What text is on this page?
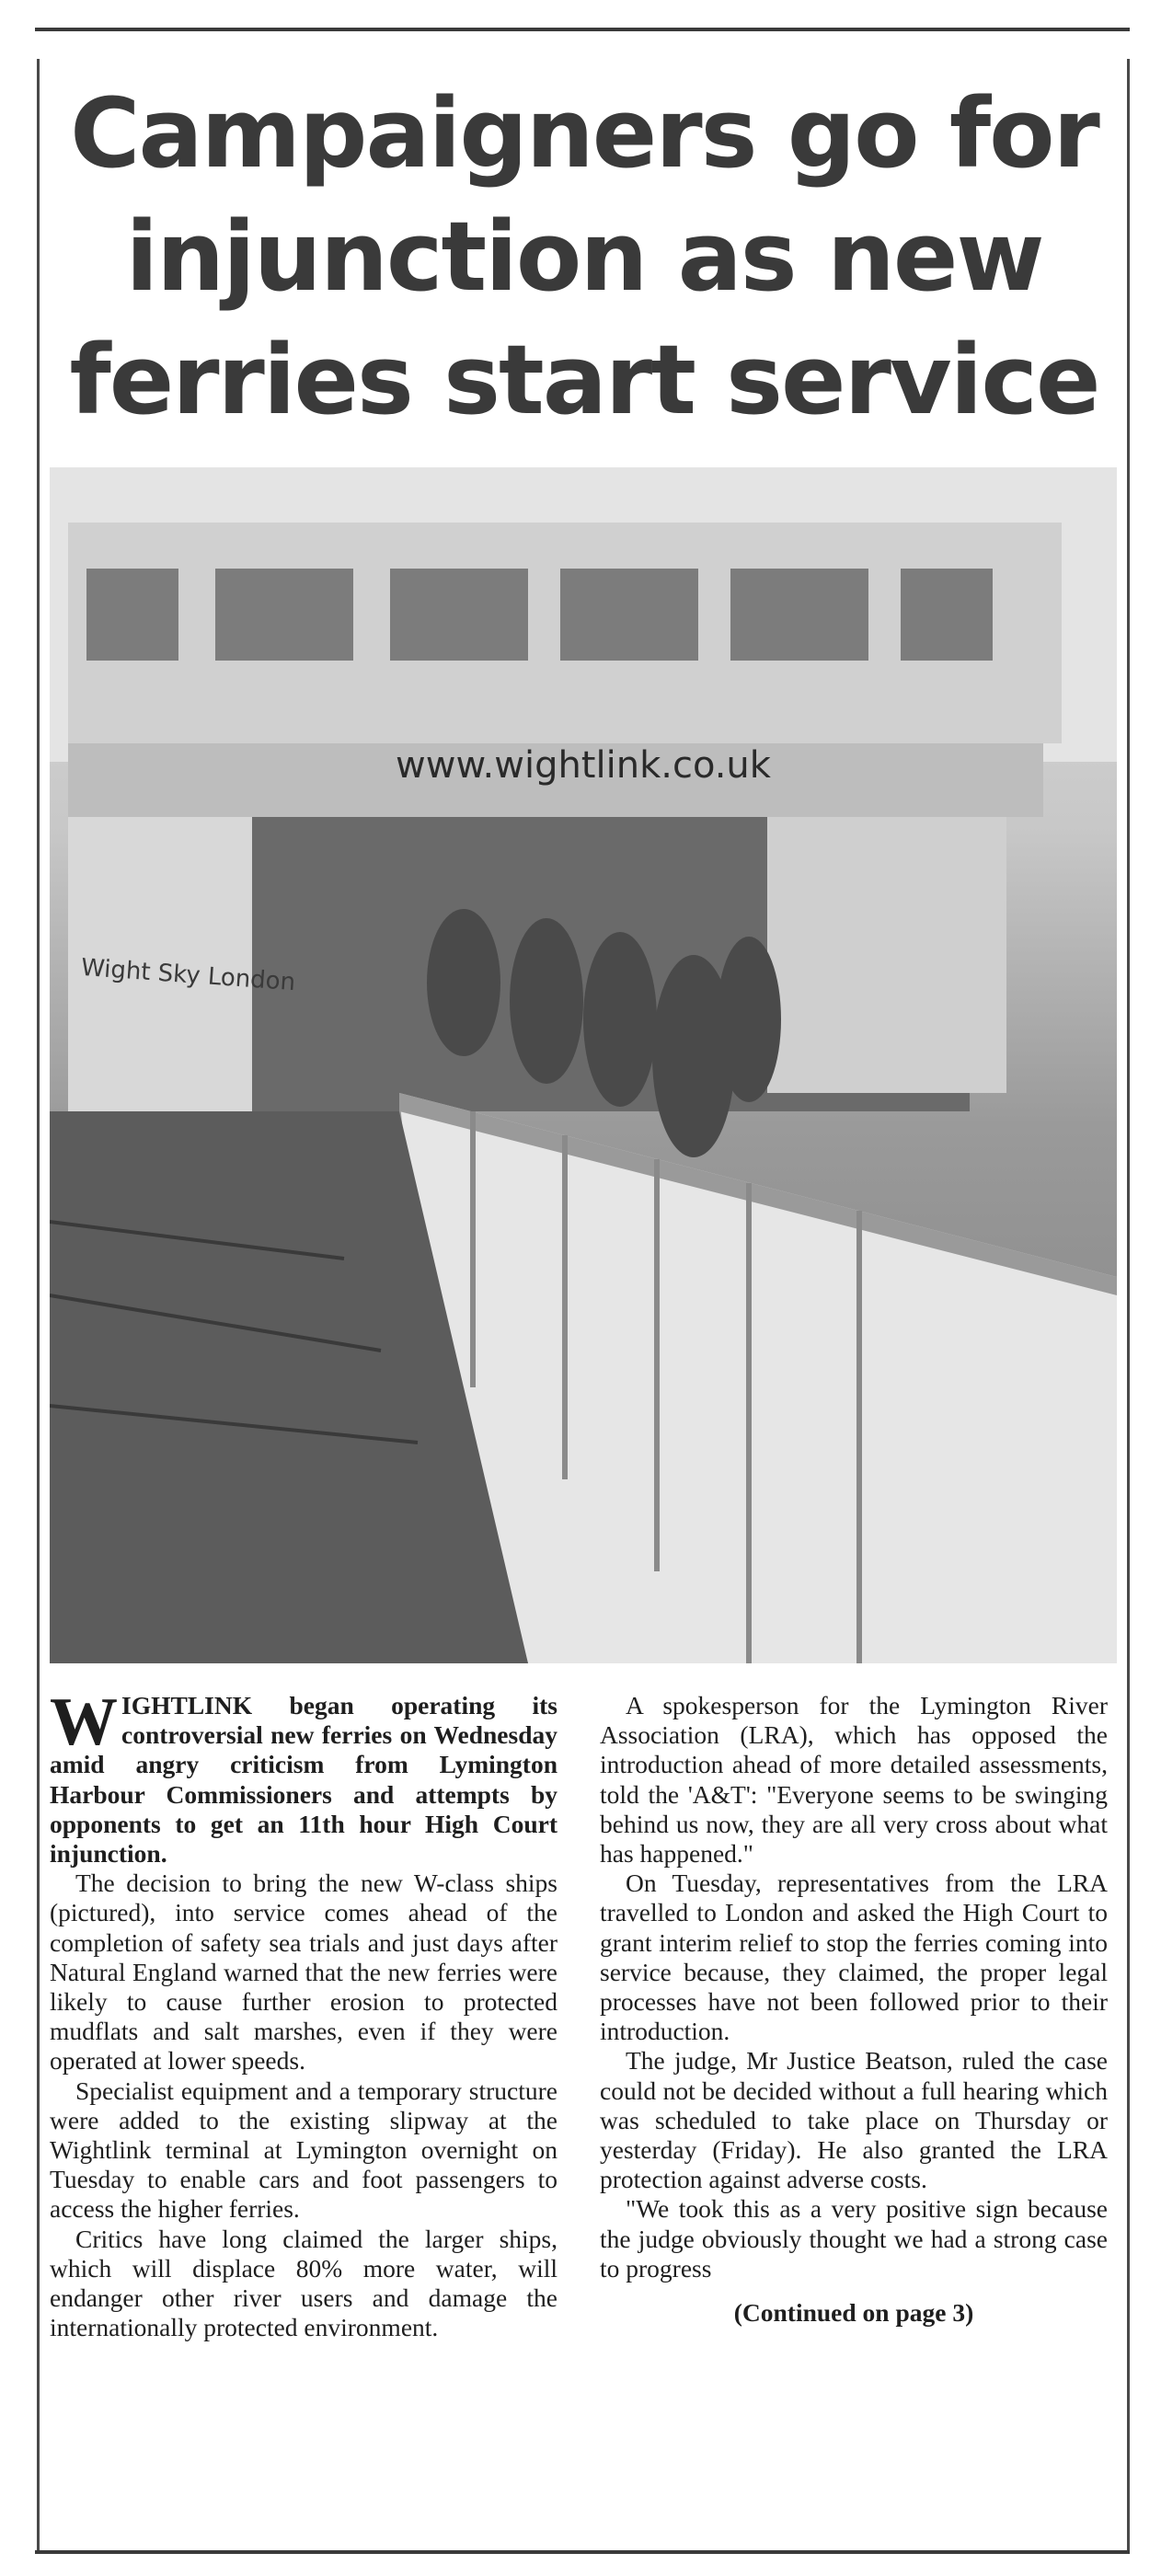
Campaigners go for injunction as new ferries start service
www.wightlink.co.uk
Wight Sky London

WIGHTLINK began operating its controversial new ferries on Wednesday amid angry criticism from Lymington Harbour Commissioners and attempts by opponents to get an 11th hour High Court injunction.

The decision to bring the new W-class ships (pictured), into service comes ahead of the completion of safety sea trials and just days after Natural England warned that the new ferries were likely to cause further erosion to protected mudflats and salt marshes, even if they were operated at lower speeds.

Specialist equipment and a temporary structure were added to the existing slipway at the Wightlink terminal at Lymington overnight on Tuesday to enable cars and foot passengers to access the higher ferries.

Critics have long claimed the larger ships, which will displace 80% more water, will endanger other river users and damage the internationally protected environment.

A spokesperson for the Lymington River Association (LRA), which has opposed the introduction ahead of more detailed assessments, told the 'A&T': "Everyone seems to be swinging behind us now, they are all very cross about what has happened."

On Tuesday, representatives from the LRA travelled to London and asked the High Court to grant interim relief to stop the ferries coming into service because, they claimed, the proper legal processes have not been followed prior to their introduction.

The judge, Mr Justice Beatson, ruled the case could not be decided without a full hearing which was scheduled to take place on Thursday or yesterday (Friday). He also granted the LRA protection against adverse costs.

"We took this as a very positive sign because the judge obviously thought we had a strong case to progress

(Continued on page 3)
